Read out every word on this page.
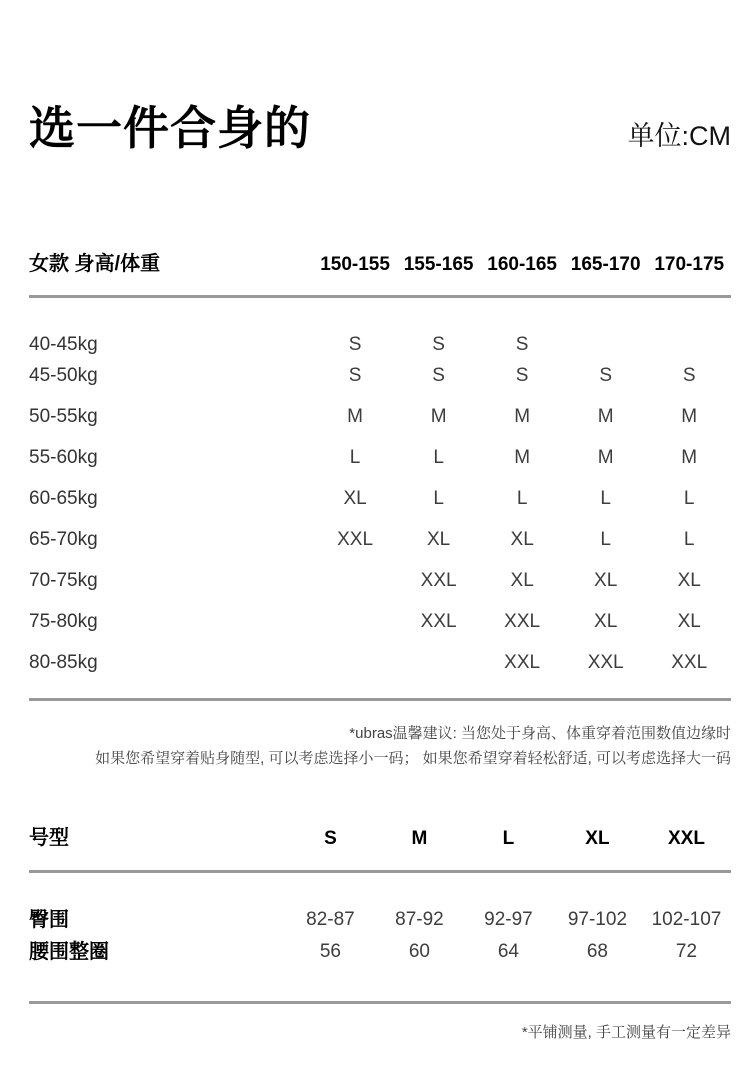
选一件合身的	单位:CM
女款 身高/体重	150-155	155-165	160-165	165-170	170-175
40-45kg	S	S	S		
45-50kg	S	S	S	S	S
50-55kg	M	M	M	M	M
55-60kg	L	L	M	M	M
60-65kg	XL	L	L	L	L
65-70kg	XXL	XL	XL	L	L
70-75kg		XXL	XL	XL	XL
75-80kg		XXL	XXL	XL	XL
80-85kg			XXL	XXL	XXL
*ubras温馨建议: 当您处于身高、体重穿着范围数值边缘时
如果您希望穿着贴身随型, 可以考虑选择小一码； 如果您希望穿着轻松舒适, 可以考虑选择大一码
号型	S	M	L	XL	XXL
臀围	82-87	87-92	92-97	97-102	102-107
腰围整圈	56	60	64	68	72
*平铺测量, 手工测量有一定差异
